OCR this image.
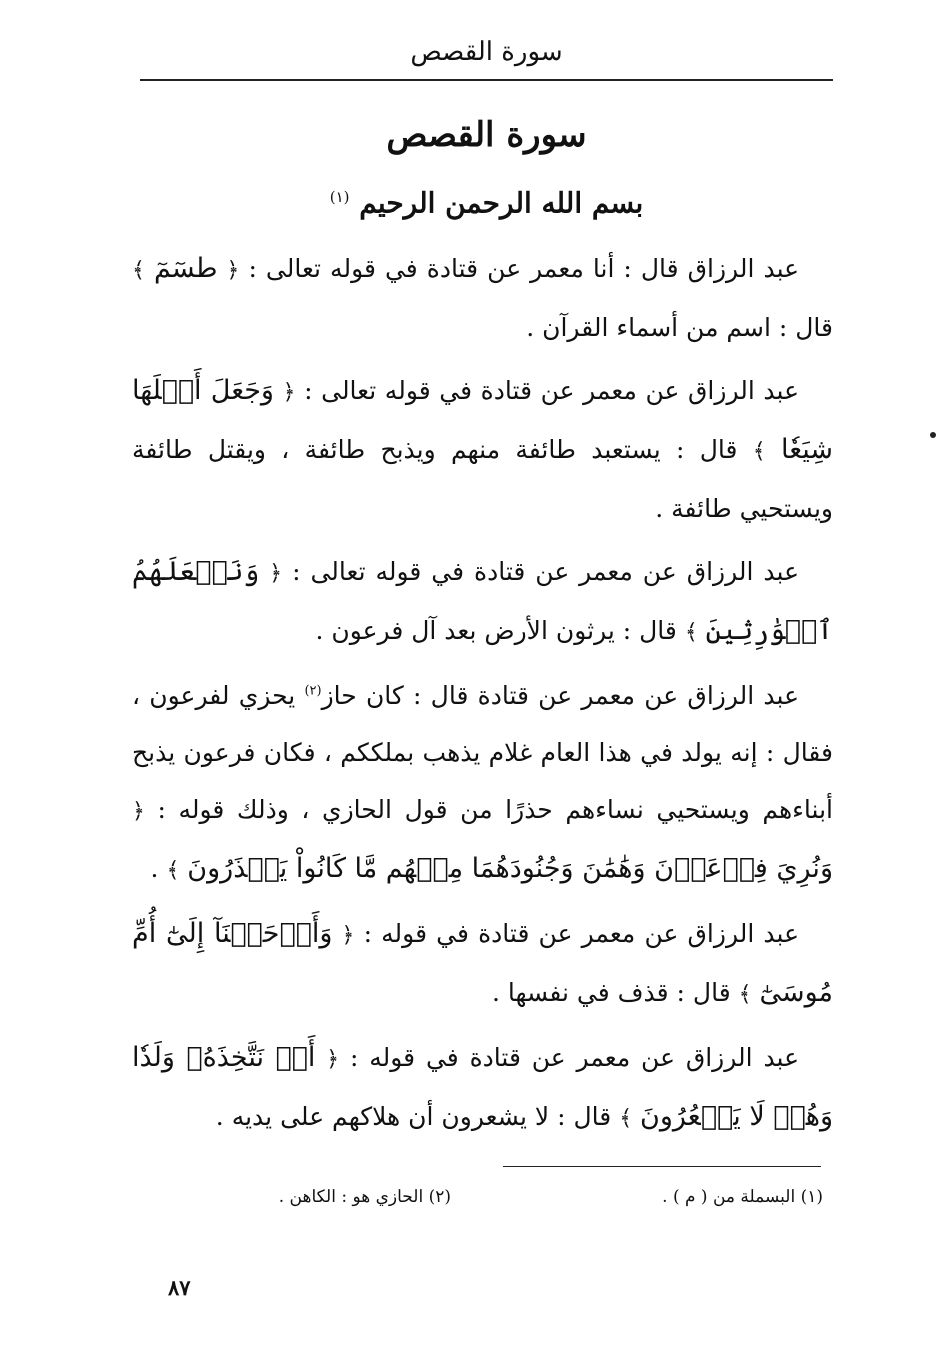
سورة القصص
سورة القصص
بسم الله الرحمن الرحيم $^{(١)}$

عبد الرزاق قال : أنا معمر عن قتادة في قوله تعالى : ﴿ طسٓمٓ ﴾ قال : اسم من أسماء القرآن .

عبد الرزاق عن معمر عن قتادة في قوله تعالى : ﴿ وَجَعَلَ أَهۡلَهَا شِيَعٗا ﴾ قال : يستعبد طائفة منهم ويذبح طائفة ، ويقتل طائفة ويستحيي طائفة .

عبد الرزاق عن معمر عن قتادة في قوله تعالى : ﴿ وَنَجۡعَلَهُمُ ٱلۡوَٰرِثِينَ ﴾ قال : يرثون الأرض بعد آل فرعون .

عبد الرزاق عن معمر عن قتادة قال : كان حاز$^{(٢)}$ يحزي لفرعون ، فقال : إنه يولد في هذا العام غلام يذهب بملككم ، فكان فرعون يذبح أبناءهم ويستحيي نساءهم حذرًا من قول الحازي ، وذلك قوله : ﴿ وَنُرِيَ فِرۡعَوۡنَ وَهَٰمَٰنَ وَجُنُودَهُمَا مِنۡهُم مَّا كَانُواْ يَحۡذَرُونَ ﴾ .

عبد الرزاق عن معمر عن قتادة في قوله : ﴿ وَأَوۡحَيۡنَآ إِلَىٰٓ أُمِّ مُوسَىٰٓ ﴾ قال : قذف في نفسها .

عبد الرزاق عن معمر عن قتادة في قوله : ﴿ أَوۡ نَتَّخِذَهُۥ وَلَدٗا وَهُمۡ لَا يَشۡعُرُونَ ﴾ قال : لا يشعرون أن هلاكهم على يديه .

(١) البسملة من ( م ) .
(٢) الحازي هو : الكاهن .
٨٧
